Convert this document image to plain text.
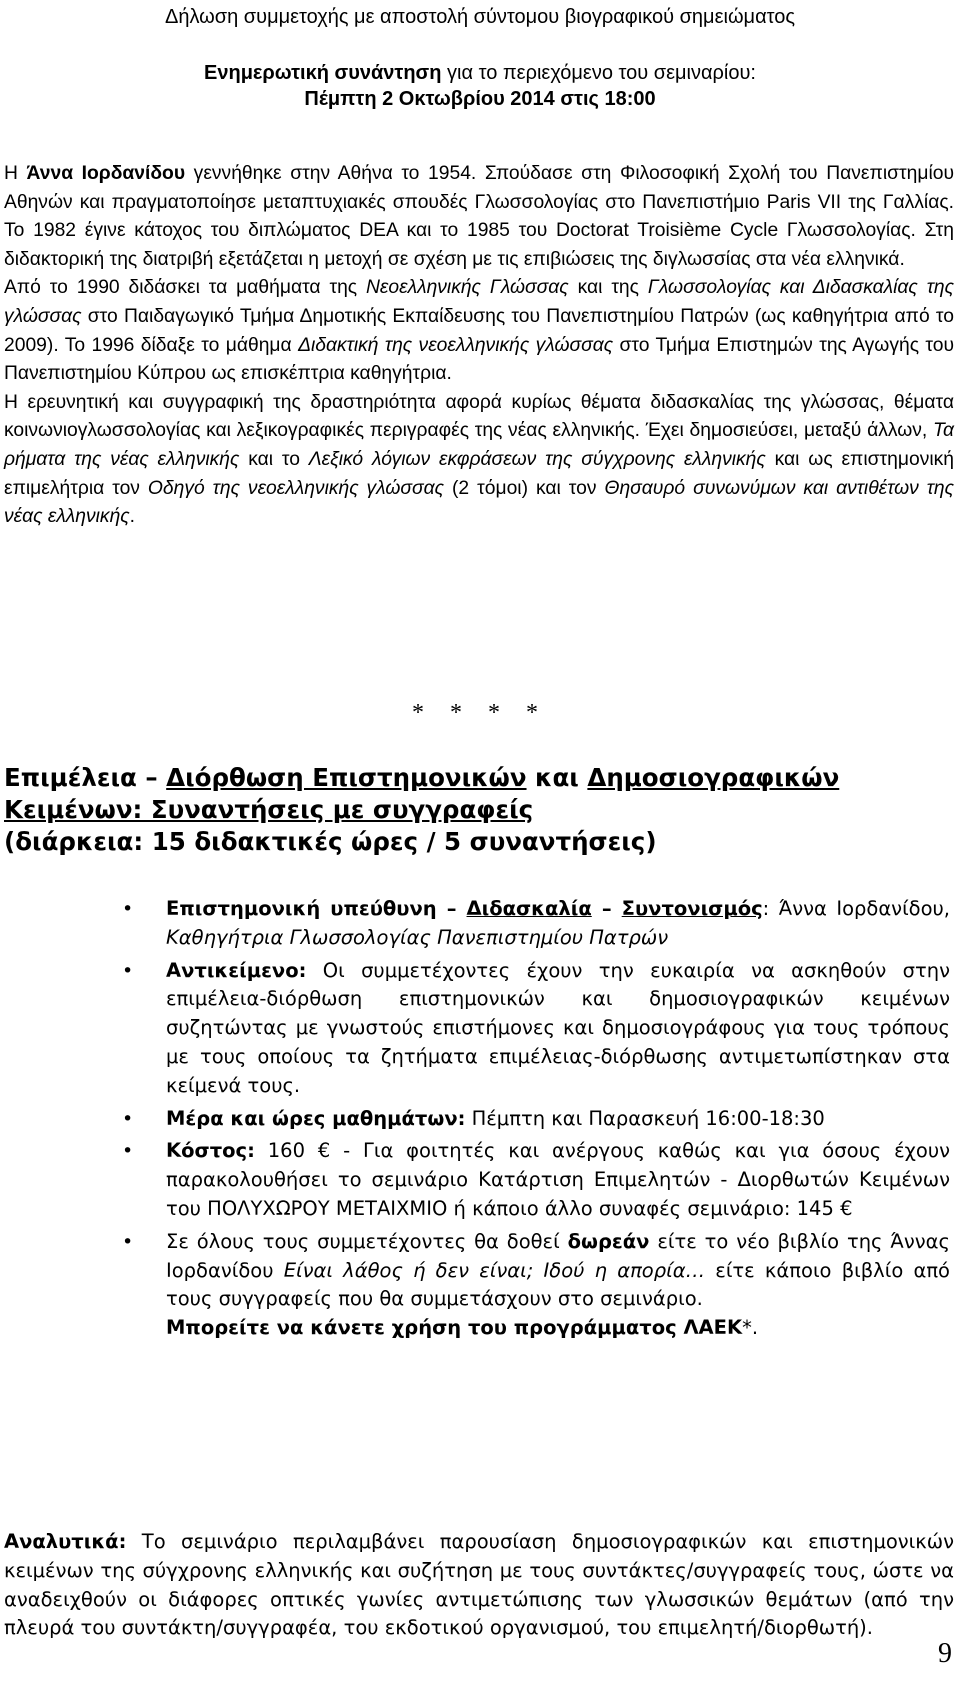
Δήλωση συμμετοχής με αποστολή σύντομου βιογραφικού σημειώματος
Ενημερωτική συνάντηση για το περιεχόμενο του σεμιναρίου:
Πέμπτη 2 Οκτωβρίου 2014 στις 18:00

Η Άννα Ιορδανίδου γεννήθηκε στην Αθήνα το 1954. Σπούδασε στη Φιλοσοφική Σχολή του Πανεπιστημίου Αθηνών και πραγματοποίησε μεταπτυχιακές σπουδές Γλωσσολογίας στο Πανεπιστήμιο Paris VII της Γαλλίας. Το 1982 έγινε κάτοχος του διπλώματος DEA και το 1985 του Doctorat Troisième Cycle Γλωσσολογίας. Στη διδακτορική της διατριβή εξετάζεται η μετοχή σε σχέση με τις επιβιώσεις της διγλωσσίας στα νέα ελληνικά.

Από το 1990 διδάσκει τα μαθήματα της Νεοελληνικής Γλώσσας και της Γλωσσολογίας και Διδασκαλίας της γλώσσας στο Παιδαγωγικό Τμήμα Δημοτικής Εκπαίδευσης του Πανεπιστημίου Πατρών (ως καθηγήτρια από το 2009). Το 1996 δίδαξε το μάθημα Διδακτική της νεοελληνικής γλώσσας στο Τμήμα Επιστημών της Αγωγής του Πανεπιστημίου Κύπρου ως επισκέπτρια καθηγήτρια.

Η ερευνητική και συγγραφική της δραστηριότητα αφορά κυρίως θέματα διδασκαλίας της γλώσσας, θέματα κοινωνιογλωσσολογίας και λεξικογραφικές περιγραφές της νέας ελληνικής. Έχει δημοσιεύσει, μεταξύ άλλων, Τα ρήματα της νέας ελληνικής και το Λεξικό λόγιων εκφράσεων της σύγχρονης ελληνικής και ως επιστημονική επιμελήτρια τον Οδηγό της νεοελληνικής γλώσσας (2 τόμοι) και τον Θησαυρό συνωνύμων και αντιθέτων της νέας ελληνικής.

* * * *
Επιμέλεια – Διόρθωση Επιστημονικών και Δημοσιογραφικών Κειμένων: Συναντήσεις με συγγραφείς
(διάρκεια: 15 διδακτικές ώρες / 5 συναντήσεις)
• Επιστημονική υπεύθυνη – Διδασκαλία – Συντονισμός: Άννα Ιορδανίδου, Καθηγήτρια Γλωσσολογίας Πανεπιστημίου Πατρών
• Αντικείμενο: Οι συμμετέχοντες έχουν την ευκαιρία να ασκηθούν στην επιμέλεια-διόρθωση επιστημονικών και δημοσιογραφικών κειμένων συζητώντας με γνωστούς επιστήμονες και δημοσιογράφους για τους τρόπους με τους οποίους τα ζητήματα επιμέλειας-διόρθωσης αντιμετωπίστηκαν στα κείμενά τους.
• Μέρα και ώρες μαθημάτων: Πέμπτη και Παρασκευή 16:00-18:30
• Κόστος: 160 € - Για φοιτητές και ανέργους καθώς και για όσους έχουν παρακολουθήσει το σεμινάριο Κατάρτιση Επιμελητών - Διορθωτών Κειμένων του ΠΟΛΥΧΩΡΟΥ ΜΕΤΑΙΧΜΙΟ ή κάποιο άλλο συναφές σεμινάριο: 145 €
• Σε όλους τους συμμετέχοντες θα δοθεί δωρεάν είτε το νέο βιβλίο της Άννας Ιορδανίδου Είναι λάθος ή δεν είναι; Ιδού η απορία… είτε κάποιο βιβλίο από τους συγγραφείς που θα συμμετάσχουν στο σεμινάριο.
Μπορείτε να κάνετε χρήση του προγράμματος ΛΑΕΚ*.
Αναλυτικά: Το σεμινάριο περιλαμβάνει παρουσίαση δημοσιογραφικών και επιστημονικών κειμένων της σύγχρονης ελληνικής και συζήτηση με τους συντάκτες/συγγραφείς τους, ώστε να αναδειχθούν οι διάφορες οπτικές γωνίες αντιμετώπισης των γλωσσικών θεμάτων (από την πλευρά του συντάκτη/συγγραφέα, του εκδοτικού οργανισμού, του επιμελητή/διορθωτή).
9
